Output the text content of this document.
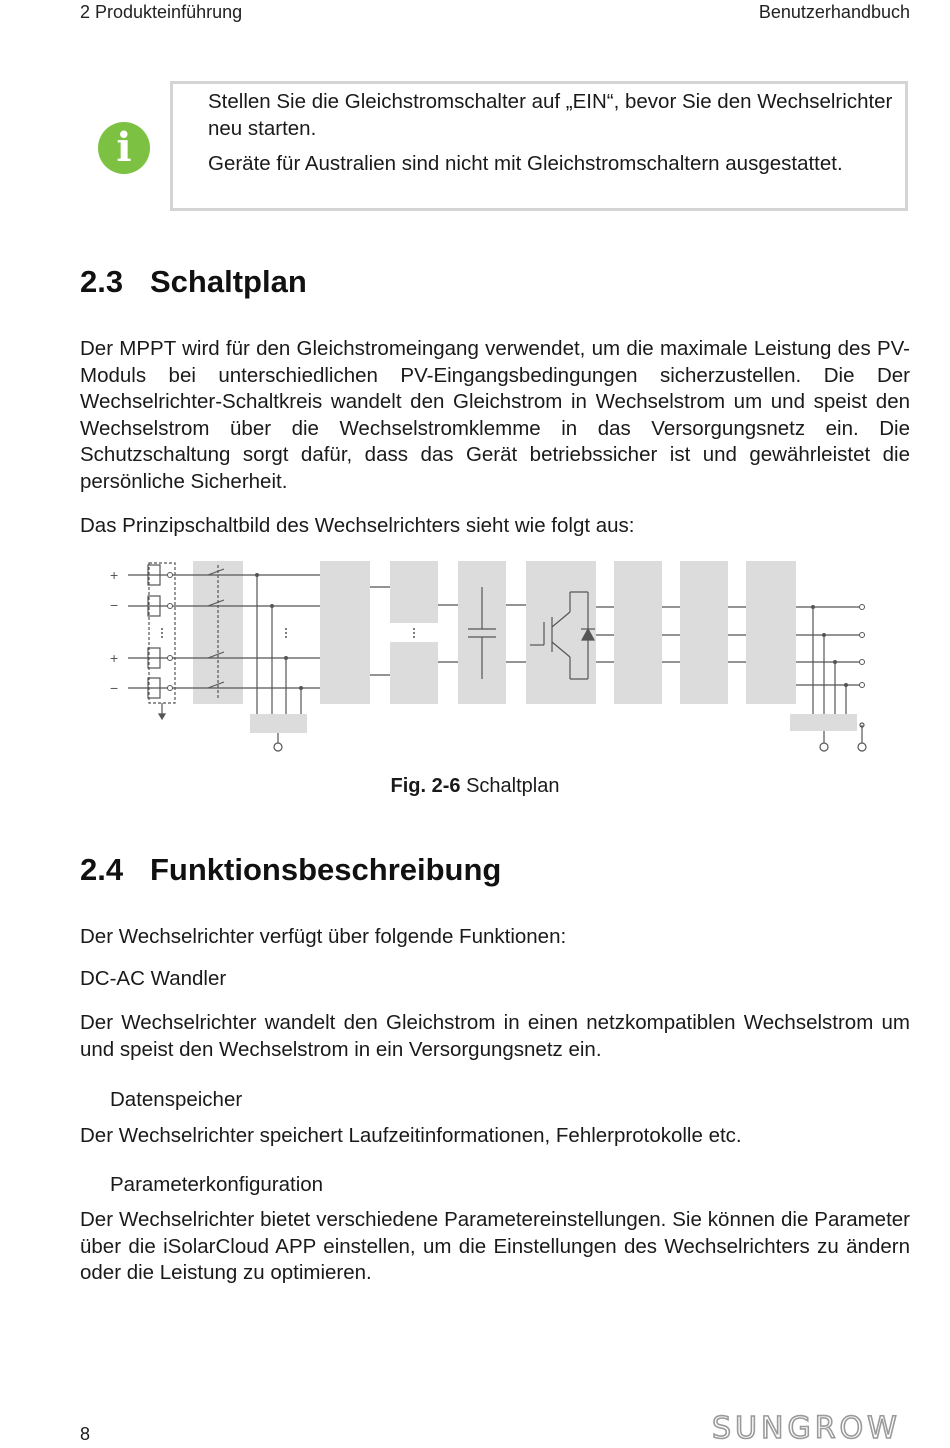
2 Produkteinführung	Benutzerhandbuch
i

Stellen Sie die Gleichstromschalter auf „EIN“, bevor Sie den Wechselrichter neu starten.

Geräte für Australien sind nicht mit Gleichstromschaltern ausgestattet.

2.3 Schaltplan

Der MPPT wird für den Gleichstromeingang verwendet, um die maximale Leistung des PV-Moduls bei unterschiedlichen PV-Eingangsbedingungen sicherzustellen. Die Der Wechselrichter-Schaltkreis wandelt den Gleichstrom in Wechselstrom um und speist den Wechselstrom über die Wechselstromklemme in das Versorgungsnetz ein. Die Schutzschaltung sorgt dafür, dass das Gerät betriebssicher ist und gewährleistet die persönliche Sicherheit.

Das Prinzipschaltbild des Wechselrichters sieht wie folgt aus:
+
−
+
−
Fig. 2-6 Schaltplan
2.4 Funktionsbeschreibung
Der Wechselrichter verfügt über folgende Funktionen:
DC-AC Wandler

Der Wechselrichter wandelt den Gleichstrom in einen netzkompatiblen Wechselstrom um und speist den Wechselstrom in ein Versorgungsnetz ein.

Datenspeicher
Der Wechselrichter speichert Laufzeitinformationen, Fehlerprotokolle etc.
Parameterkonfiguration

Der Wechselrichter bietet verschiedene Parametereinstellungen. Sie können die Parameter über die iSolarCloud APP einstellen, um die Einstellungen des Wechselrichters zu ändern oder die Leistung zu optimieren.

8	SUNGROW
